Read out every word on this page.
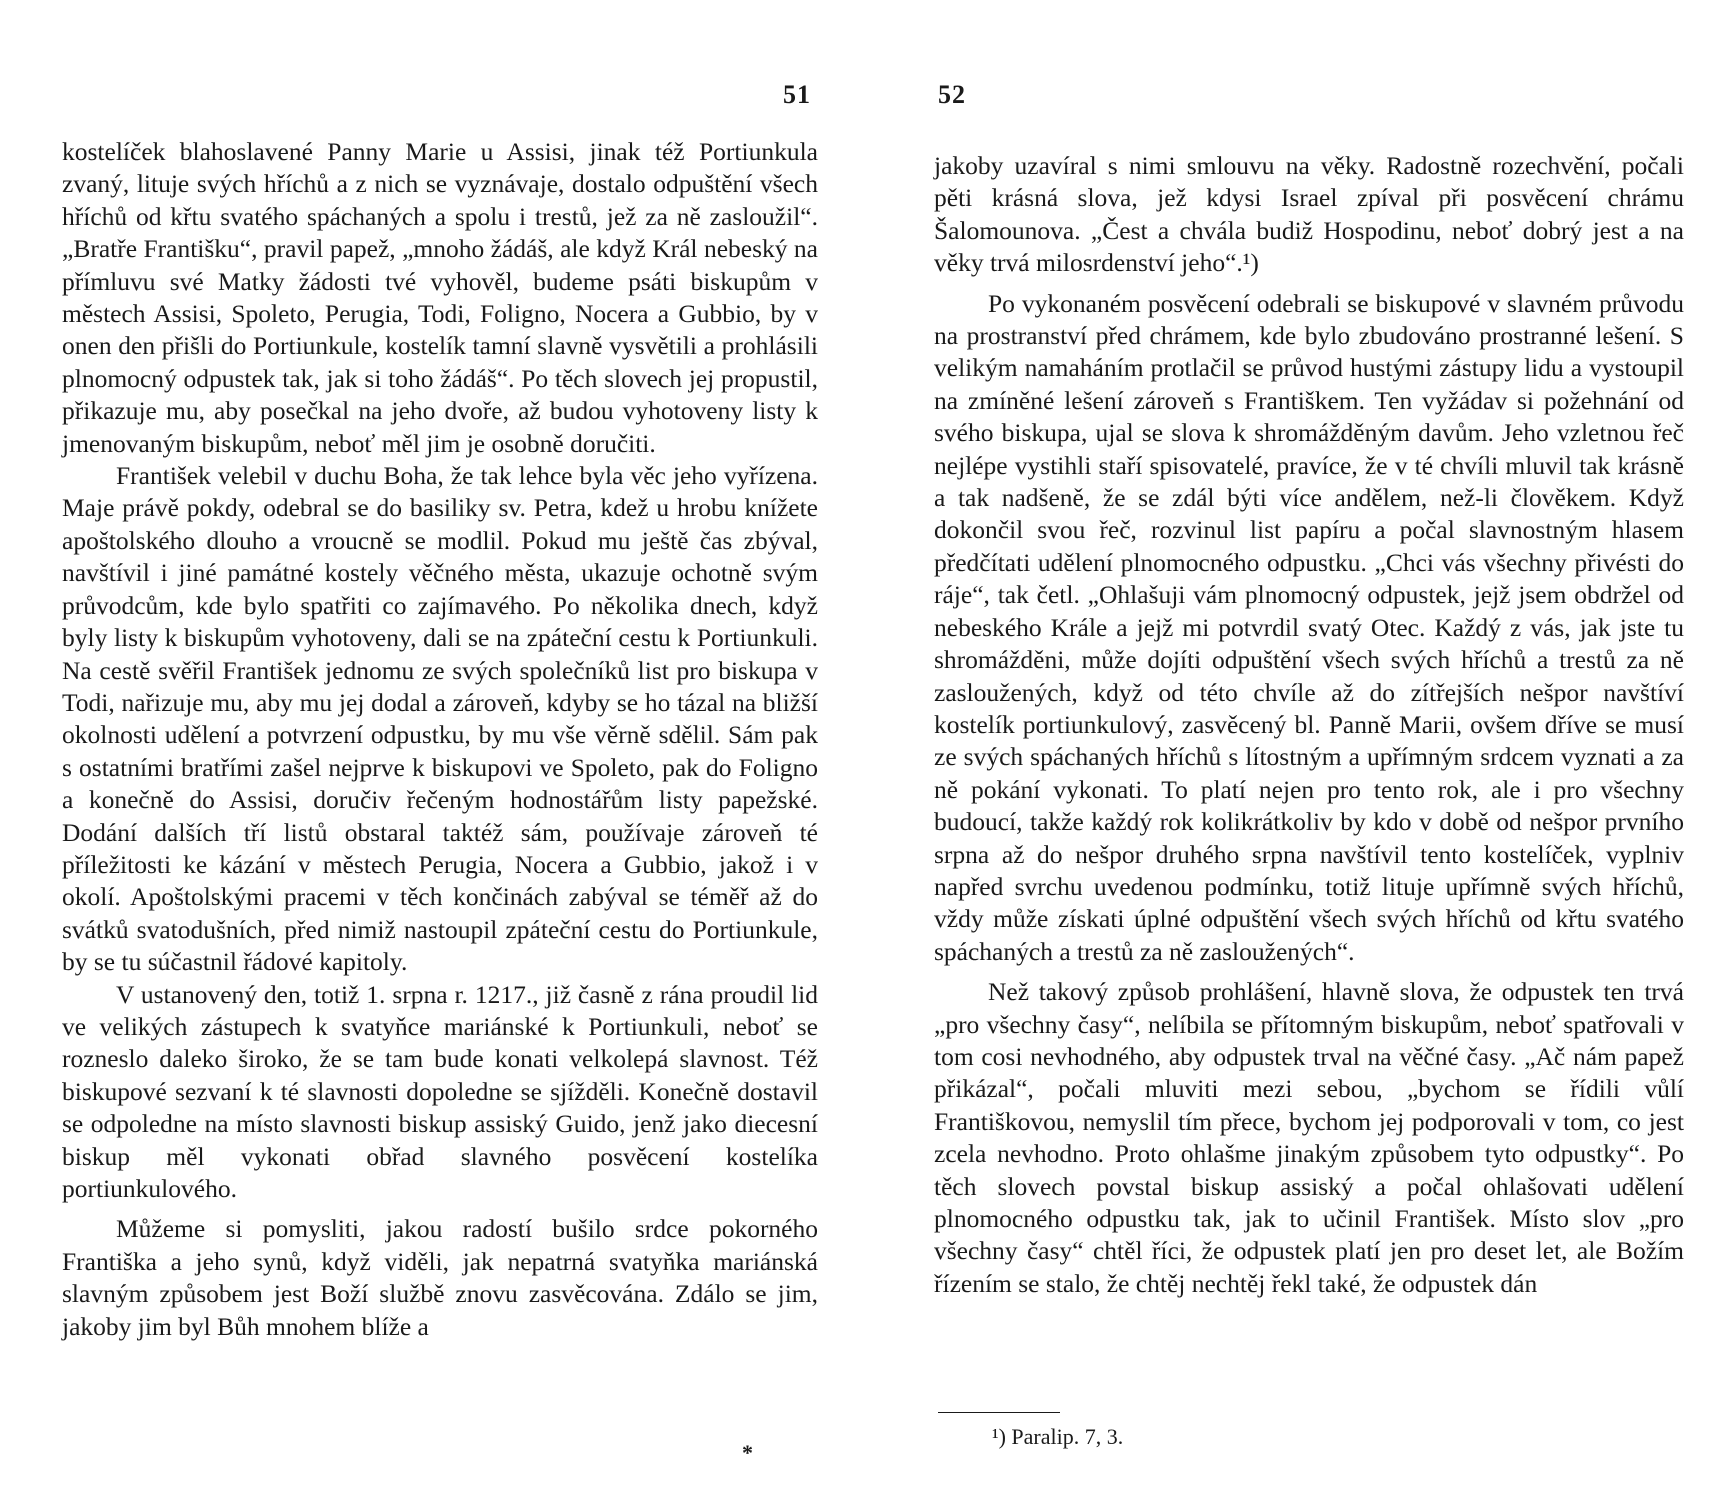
51

kostelíček blahoslavené Panny Marie u Assisi, jinak též Portiunkula zvaný, lituje svých hříchů a z nich se vyznávaje, dostalo odpuštění všech hříchů od křtu svatého spáchaných a spolu i trestů, jež za ně zasloužil“. „Bratře Františku“, pravil papež, „mnoho žádáš, ale když Král nebeský na přímluvu své Matky žádosti tvé vyhověl, budeme psáti biskupům v městech Assisi, Spoleto, Perugia, Todi, Foligno, Nocera a Gubbio, by v onen den přišli do Portiunkule, kostelík tamní slavně vysvětili a prohlásili plnomocný odpustek tak, jak si toho žádáš“. Po těch slovech jej propustil, přikazuje mu, aby posečkal na jeho dvoře, až budou vyhotoveny listy k jmenovaným biskupům, neboť měl jim je osobně doručiti.

František velebil v duchu Boha, že tak lehce byla věc jeho vyřízena. Maje právě pokdy, odebral se do basiliky sv. Petra, kdež u hrobu knížete apoštolského dlouho a vroucně se modlil. Pokud mu ještě čas zbýval, navštívil i jiné památné kostely věčného města, ukazuje ochotně svým průvodcům, kde bylo spatřiti co zajímavého. Po několika dnech, když byly listy k biskupům vyhotoveny, dali se na zpáteční cestu k Portiunkuli. Na cestě svěřil František jednomu ze svých společníků list pro biskupa v Todi, nařizuje mu, aby mu jej dodal a zároveň, kdyby se ho tázal na bližší okolnosti udělení a potvrzení odpustku, by mu vše věrně sdělil. Sám pak s ostatními bratřími zašel nejprve k biskupovi ve Spoleto, pak do Foligno a konečně do Assisi, doručiv řečeným hodnostářům listy papežské. Dodání dalších tří listů obstaral taktéž sám, používaje zároveň té příležitosti ke kázání v městech Perugia, Nocera a Gubbio, jakož i v okolí. Apoštolskými pracemi v těch končinách zabýval se téměř až do svátků svatodušních, před nimiž nastoupil zpáteční cestu do Portiunkule, by se tu súčastnil řádové kapitoly.

V ustanovený den, totiž 1. srpna r. 1217., již časně z rána proudil lid ve velikých zástupech k svatyňce mariánské k Portiunkuli, neboť se rozneslo daleko široko, že se tam bude konati velkolepá slavnost. Též biskupové sezvaní k té slavnosti dopoledne se sjížděli. Konečně dostavil se odpoledne na místo slavnosti biskup assiský Guido, jenž jako diecesní biskup měl vykonati obřad slavného posvěcení kostelíka portiunkulového.

Můžeme si pomysliti, jakou radostí bušilo srdce pokorného Františka a jeho synů, když viděli, jak nepatrná svatyňka mariánská slavným způsobem jest Boží službě znovu zasvěcována. Zdálo se jim, jakoby jim byl Bůh mnohem blíže a

*
52

jakoby uzavíral s nimi smlouvu na věky. Radostně rozechvění, počali pěti krásná slova, jež kdysi Israel zpíval při posvěcení chrámu Šalomounova. „Čest a chvála budiž Hospodinu, neboť dobrý jest a na věky trvá milosrdenství jeho“.¹)

Po vykonaném posvěcení odebrali se biskupové v slavném průvodu na prostranství před chrámem, kde bylo zbudováno prostranné lešení. S velikým namaháním protlačil se průvod hustými zástupy lidu a vystoupil na zmíněné lešení zároveň s Františkem. Ten vyžádav si požehnání od svého biskupa, ujal se slova k shromážděným davům. Jeho vzletnou řeč nejlépe vystihli staří spisovatelé, pravíce, že v té chvíli mluvil tak krásně a tak nadšeně, že se zdál býti více andělem, než-li člověkem. Když dokončil svou řeč, rozvinul list papíru a počal slavnostným hlasem předčítati udělení plnomocného odpustku. „Chci vás všechny přivésti do ráje“, tak četl. „Ohlašuji vám plnomocný odpustek, jejž jsem obdržel od nebeského Krále a jejž mi potvrdil svatý Otec. Každý z vás, jak jste tu shromážděni, může dojíti odpuštění všech svých hříchů a trestů za ně zasloužených, když od této chvíle až do zítřejších nešpor navštíví kostelík portiunkulový, zasvěcený bl. Panně Marii, ovšem dříve se musí ze svých spáchaných hříchů s lítostným a upřímným srdcem vyznati a za ně pokání vykonati. To platí nejen pro tento rok, ale i pro všechny budoucí, takže každý rok kolikrátkoliv by kdo v době od nešpor prvního srpna až do nešpor druhého srpna navštívil tento kostelíček, vyplniv napřed svrchu uvedenou podmínku, totiž lituje upřímně svých hříchů, vždy může získati úplné odpuštění všech svých hříchů od křtu svatého spáchaných a trestů za ně zasloužených“.

Než takový způsob prohlášení, hlavně slova, že odpustek ten trvá „pro všechny časy“, nelíbila se přítomným biskupům, neboť spatřovali v tom cosi nevhodného, aby odpustek trval na věčné časy. „Ač nám papež přikázal“, počali mluviti mezi sebou, „bychom se řídili vůlí Františkovou, nemyslil tím přece, bychom jej podporovali v tom, co jest zcela nevhodno. Proto ohlašme jinakým způsobem tyto odpustky“. Po těch slovech povstal biskup assiský a počal ohlašovati udělení plnomocného odpustku tak, jak to učinil František. Místo slov „pro všechny časy“ chtěl říci, že odpustek platí jen pro deset let, ale Božím řízením se stalo, že chtěj nechtěj řekl také, že odpustek dán

¹) Paralip. 7, 3.
